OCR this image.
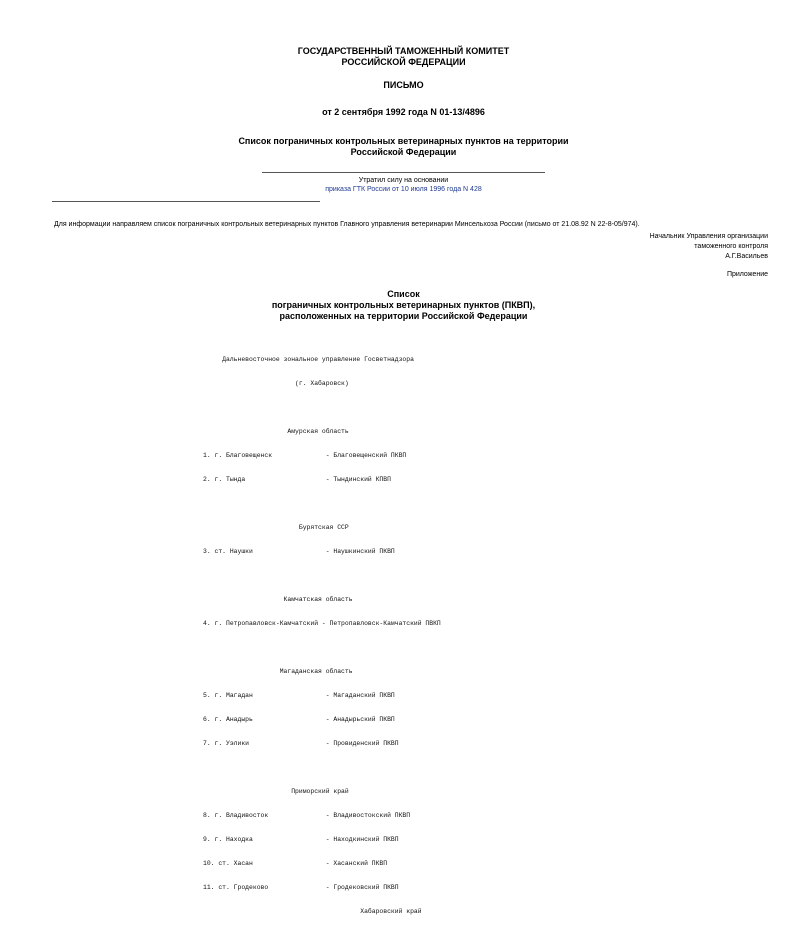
ГОСУДАРСТВЕННЫЙ ТАМОЖЕННЫЙ КОМИТЕТ
РОССИЙСКОЙ ФЕДЕРАЦИИ
ПИСЬМО
от 2 сентября 1992 года N 01-13/4896
Список пограничных контрольных ветеринарных пунктов на территории
Российской Федерации
Утратил силу на основании
приказа ГТК России от 10 июля 1996 года N 428
Для информации направляем список пограничных контрольных ветеринарных пунктов Главного управления ветеринарии Минсельхоза России (письмо от 21.08.92 N 22-8-05/974).
Начальник Управления организации
таможенного контроля
А.Г.Васильев
Приложение
Список
пограничных контрольных ветеринарных пунктов (ПКВП),
расположенных на территории Российской Федерации

Дальневосточное зональное управление Госветнадзора

(г. Хабаровск)

Амурская область

1. г. Благовещенск              - Благовещенский ПКВП

2. г. Тында                     - Тындинский КПВП

Бурятская ССР

3. ст. Наушки                   - Наушкинский ПКВП

Камчатская область

4. г. Петропавловск-Камчатский - Петропавловск-Камчатский ПВКП

Магаданская область

5. г. Магадан                   - Магаданский ПКВП

6. г. Анадырь                   - Анадырьский ПКВП

7. г. Уэлики                    - Провиденский ПКВП

Приморский край

8. г. Владивосток               - Владивостокский ПКВП

9. г. Находка                   - Находкинский ПКВП

10. ст. Хасан                   - Хасанский ПКВП

11. ст. Гродеково               - Гродековский ПКВП

Хабаровский край
